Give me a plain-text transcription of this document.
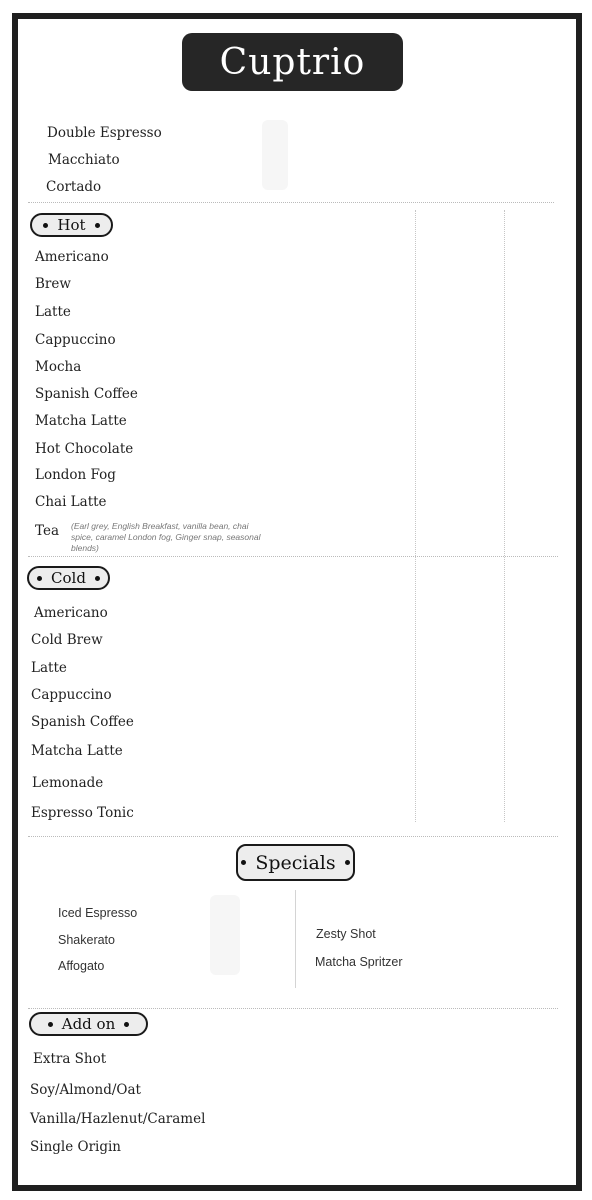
Cuptrio
Double Espresso
Macchiato
Cortado
Hot
Americano
Brew
Latte
Cappuccino
Mocha
Spanish Coffee
Matcha Latte
Hot Chocolate
London Fog
Chai Latte
Tea (Earl grey, English Breakfast, vanilla bean, chai spice, caramel London fog, Ginger snap, seasonal blends)
Cold
Americano
Cold Brew
Latte
Cappuccino
Spanish Coffee
Matcha Latte
Lemonade
Espresso Tonic
Specials
Iced Espresso
Shakerato
Affogato
Zesty Shot
Matcha Spritzer
Add on
Extra Shot
Soy/Almond/Oat
Vanilla/Hazlenut/Caramel
Single Origin
